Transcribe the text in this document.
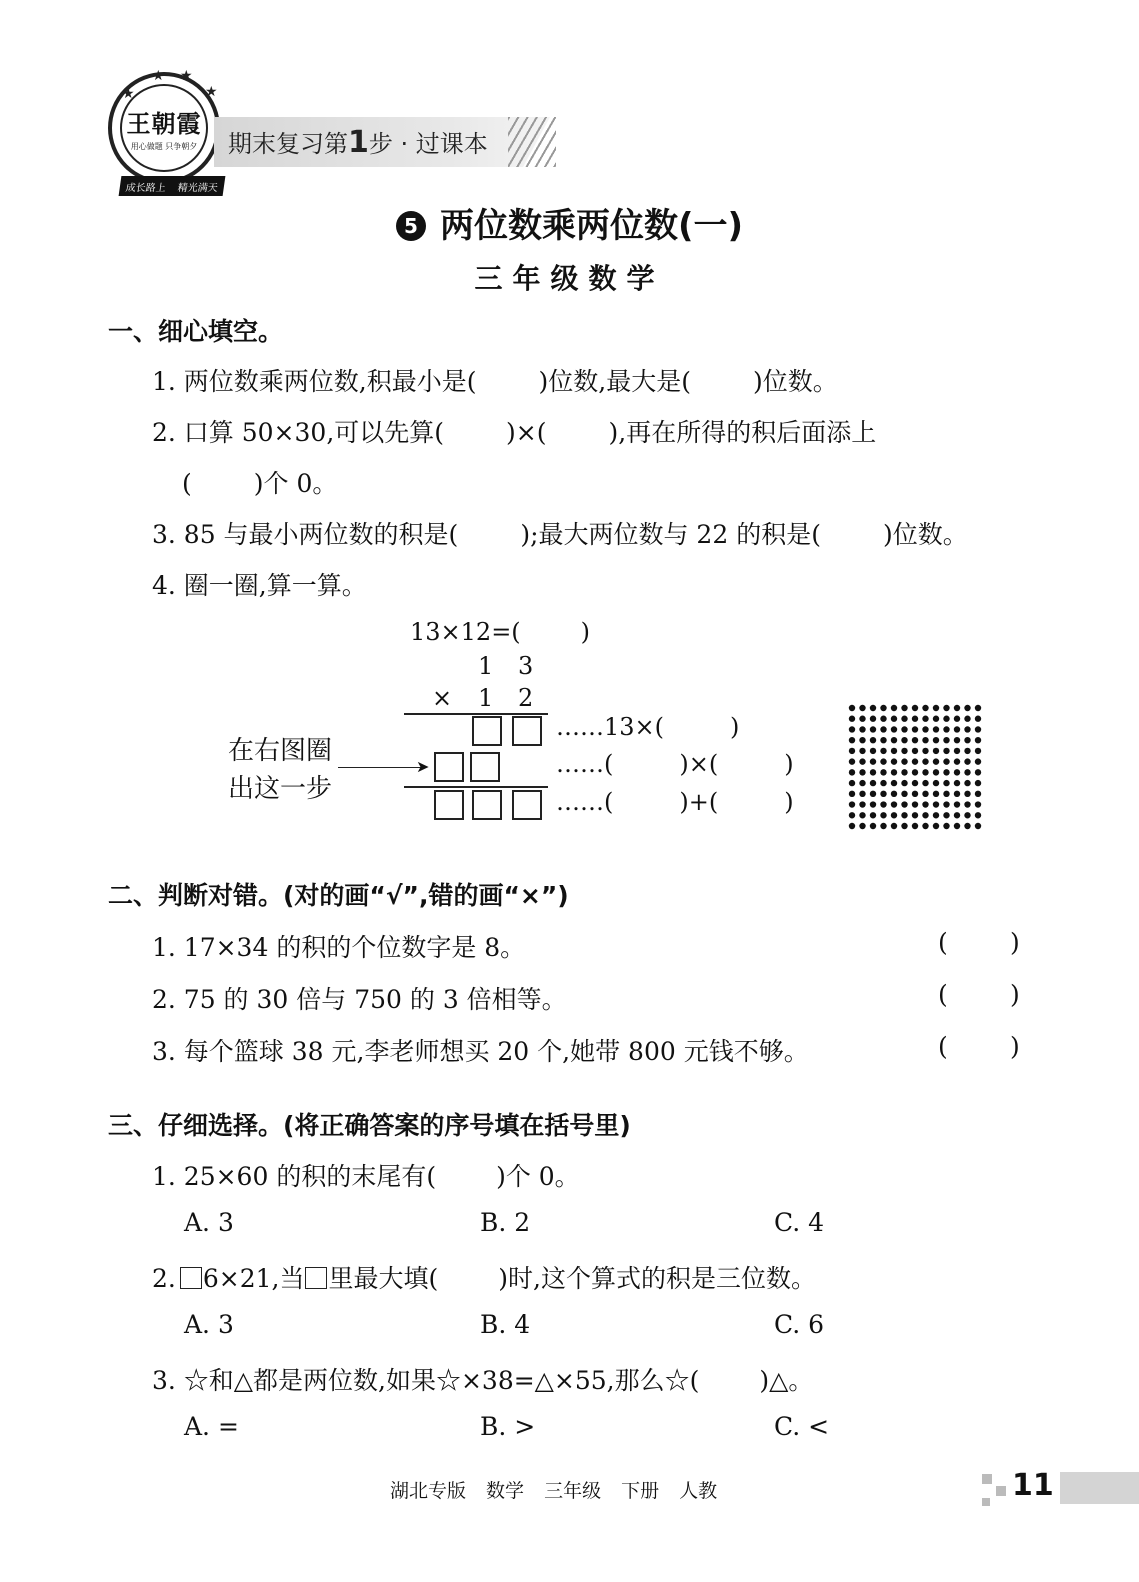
王朝霞
用心做题 只争朝夕
★
★ ★
★
成长路上 精光满天
期末复习第1步 · 过课本
5 两位数乘两位数(一)
三年级数学
一、细心填空。
1. 两位数乘两位数,积最小是( )位数,最大是( )位数。
2. 口算 50×30,可以先算( )×( ),再在所得的积后面添上
( )个 0。
3. 85 与最小两位数的积是( );最大两位数与 22 的积是( )位数。
4. 圈一圈,算一算。
13×12=(	)
1 3
× 1 2
……13×(	)
……(	)×(	)
……(	)+(	)
在右图圈
出这一步
➤
二、判断对错。(对的画“√”,错的画“×”)
1. 17×34 的积的个位数字是 8。	( )
2. 75 的 30 倍与 750 的 3 倍相等。	( )
3. 每个篮球 38 元,李老师想买 20 个,她带 800 元钱不够。	( )
三、仔细选择。(将正确答案的序号填在括号里)
1. 25×60 的积的末尾有( )个 0。
A. 3	B. 2	C. 4
2. 6×21,当 里最大填( )时,这个算式的积是三位数。
A. 3	B. 4	C. 6
3. ☆和△都是两位数,如果☆×38=△×55,那么☆( )△。
A. =	B. >	C. <
湖北专版 数学 三年级 下册 人教	11
